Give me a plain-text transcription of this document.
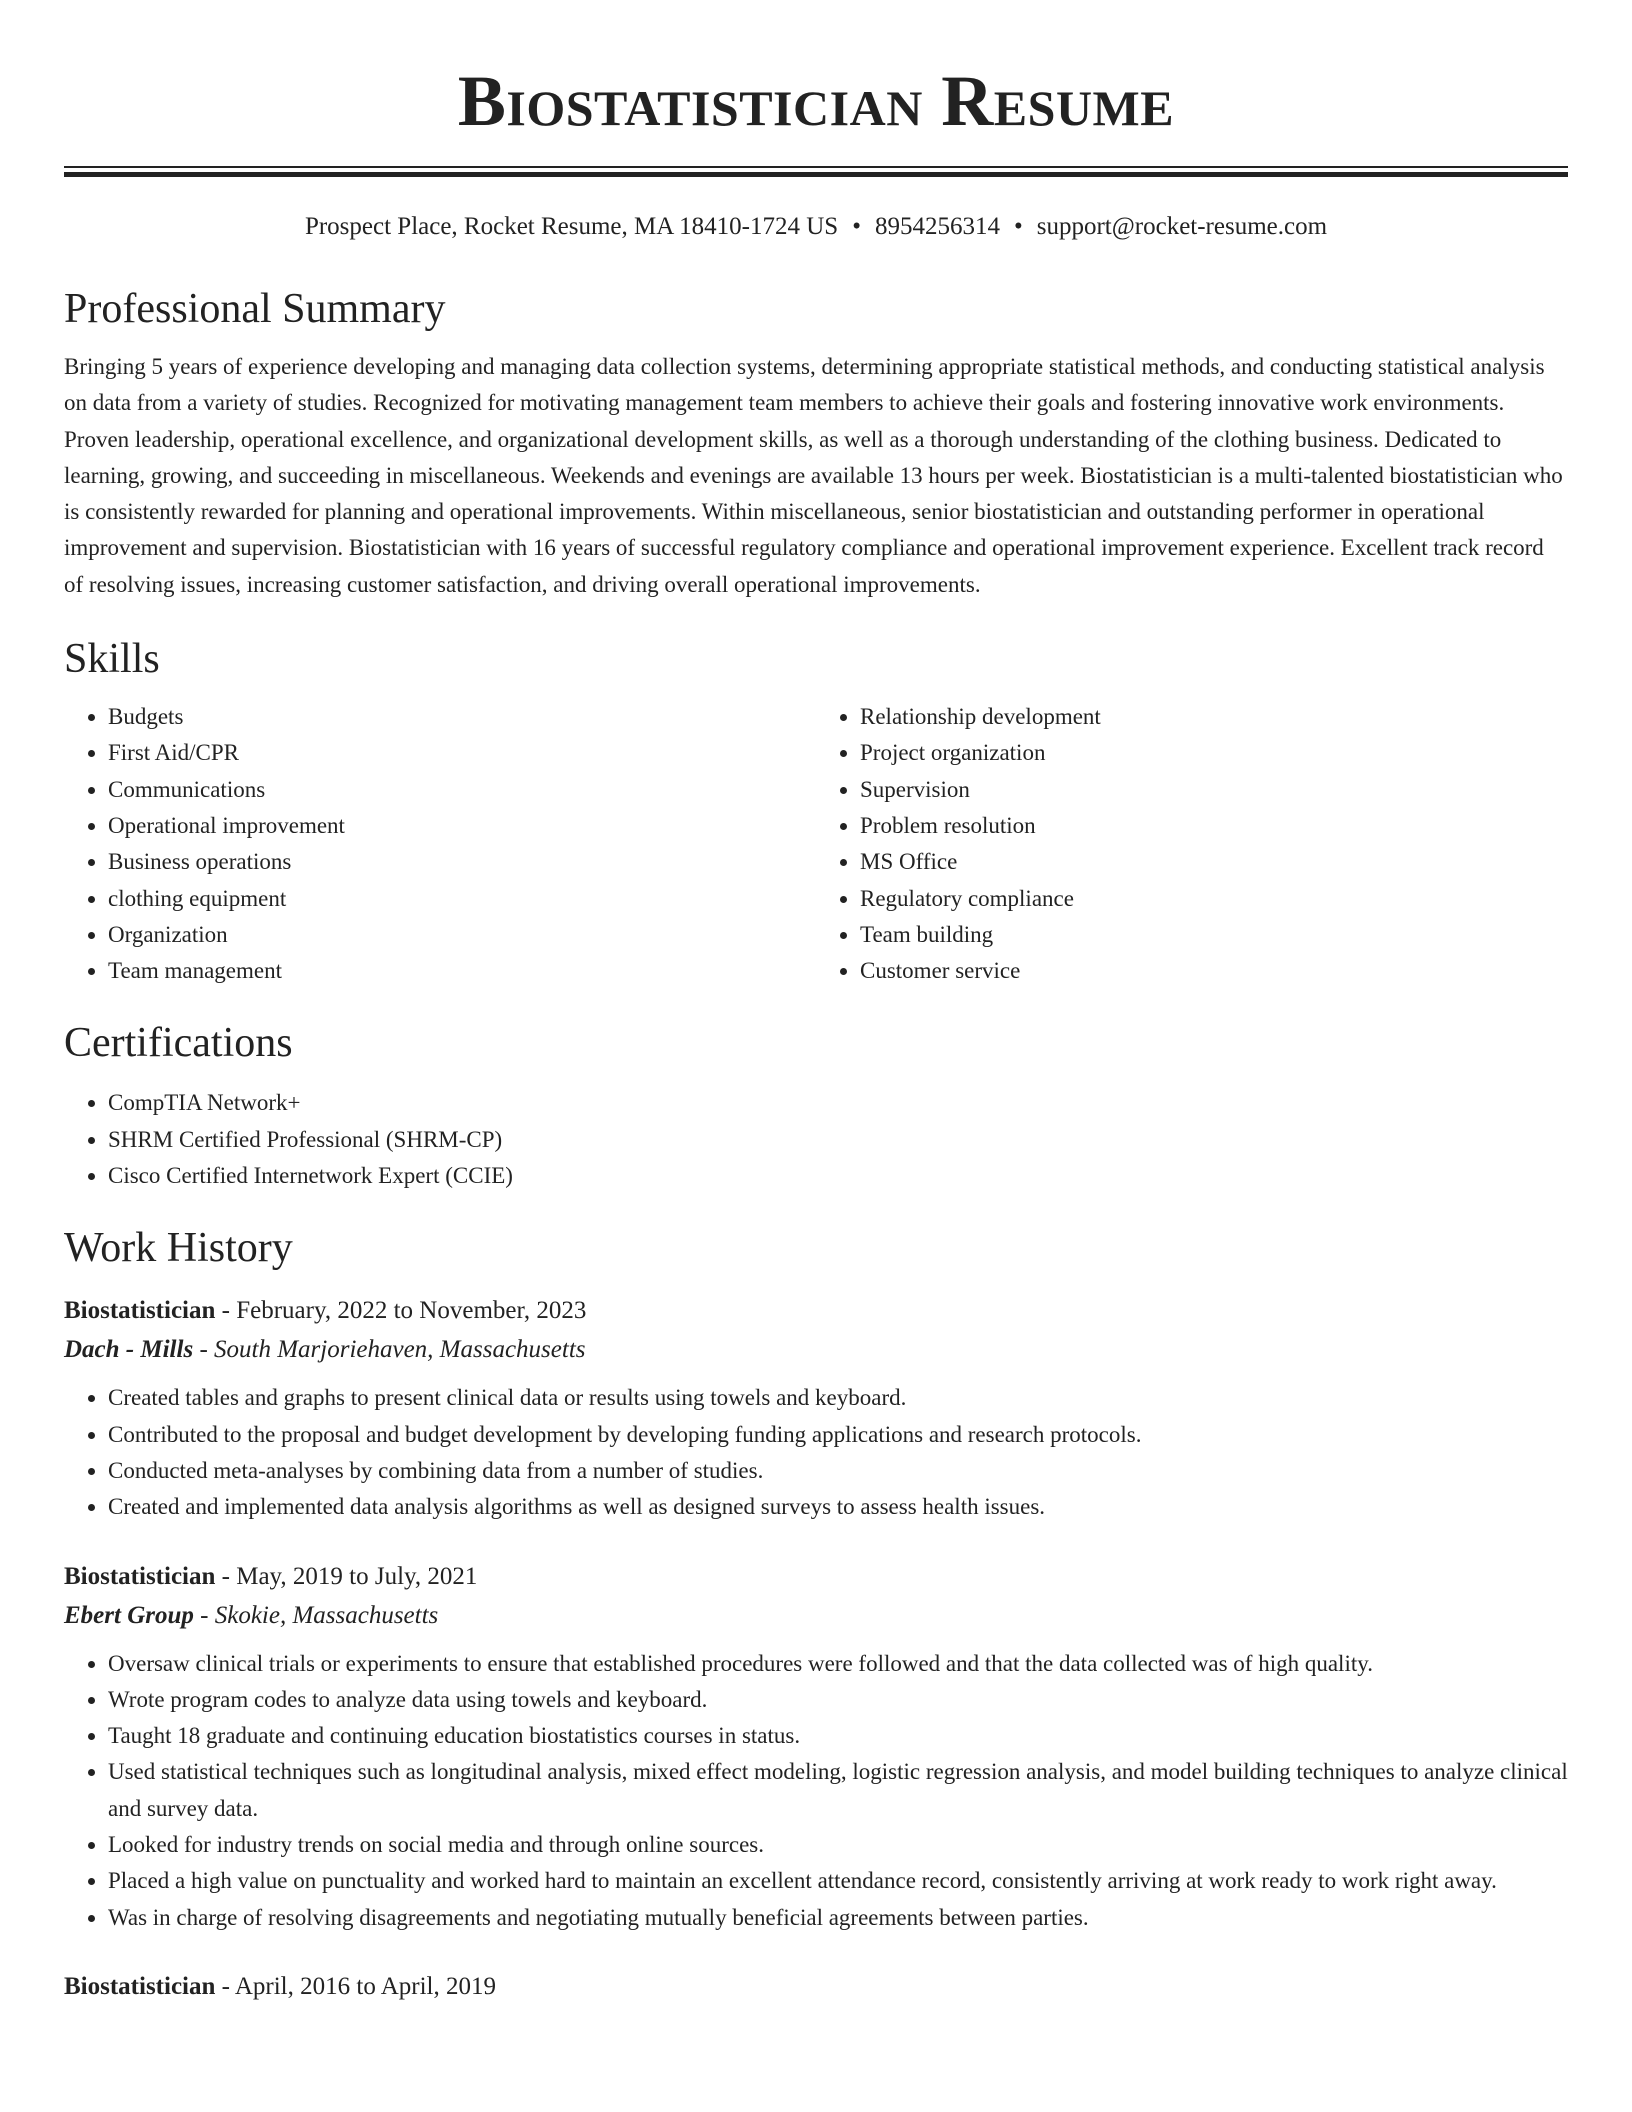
Biostatistician Resume
Prospect Place, Rocket Resume, MA 18410-1724 US • 8954256314 • support@rocket-resume.com
Professional Summary

Bringing 5 years of experience developing and managing data collection systems, determining appropriate statistical methods, and conducting statistical analysis on data from a variety of studies. Recognized for motivating management team members to achieve their goals and fostering innovative work environments. Proven leadership, operational excellence, and organizational development skills, as well as a thorough understanding of the clothing business. Dedicated to learning, growing, and succeeding in miscellaneous. Weekends and evenings are available 13 hours per week. Biostatistician is a multi-talented biostatistician who is consistently rewarded for planning and operational improvements. Within miscellaneous, senior biostatistician and outstanding performer in operational improvement and supervision. Biostatistician with 16 years of successful regulatory compliance and operational improvement experience. Excellent track record of resolving issues, increasing customer satisfaction, and driving overall operational improvements.

Skills
• Budgets
• First Aid/CPR
• Communications
• Operational improvement
• Business operations
• clothing equipment
• Organization
• Team management
• Relationship development
• Project organization
• Supervision
• Problem resolution
• MS Office
• Regulatory compliance
• Team building
• Customer service
Certifications
• CompTIA Network+
• SHRM Certified Professional (SHRM-CP)
• Cisco Certified Internetwork Expert (CCIE)
Work History
Biostatistician - February, 2022 to November, 2023
Dach - Mills - South Marjoriehaven, Massachusetts
• Created tables and graphs to present clinical data or results using towels and keyboard.
• Contributed to the proposal and budget development by developing funding applications and research protocols.
• Conducted meta-analyses by combining data from a number of studies.
• Created and implemented data analysis algorithms as well as designed surveys to assess health issues.
Biostatistician - May, 2019 to July, 2021
Ebert Group - Skokie, Massachusetts
• Oversaw clinical trials or experiments to ensure that established procedures were followed and that the data collected was of high quality.
• Wrote program codes to analyze data using towels and keyboard.
• Taught 18 graduate and continuing education biostatistics courses in status.
• Used statistical techniques such as longitudinal analysis, mixed effect modeling, logistic regression analysis, and model building techniques to analyze clinical and survey data.
• Looked for industry trends on social media and through online sources.
• Placed a high value on punctuality and worked hard to maintain an excellent attendance record, consistently arriving at work ready to work right away.
• Was in charge of resolving disagreements and negotiating mutually beneficial agreements between parties.
Biostatistician - April, 2016 to April, 2019
